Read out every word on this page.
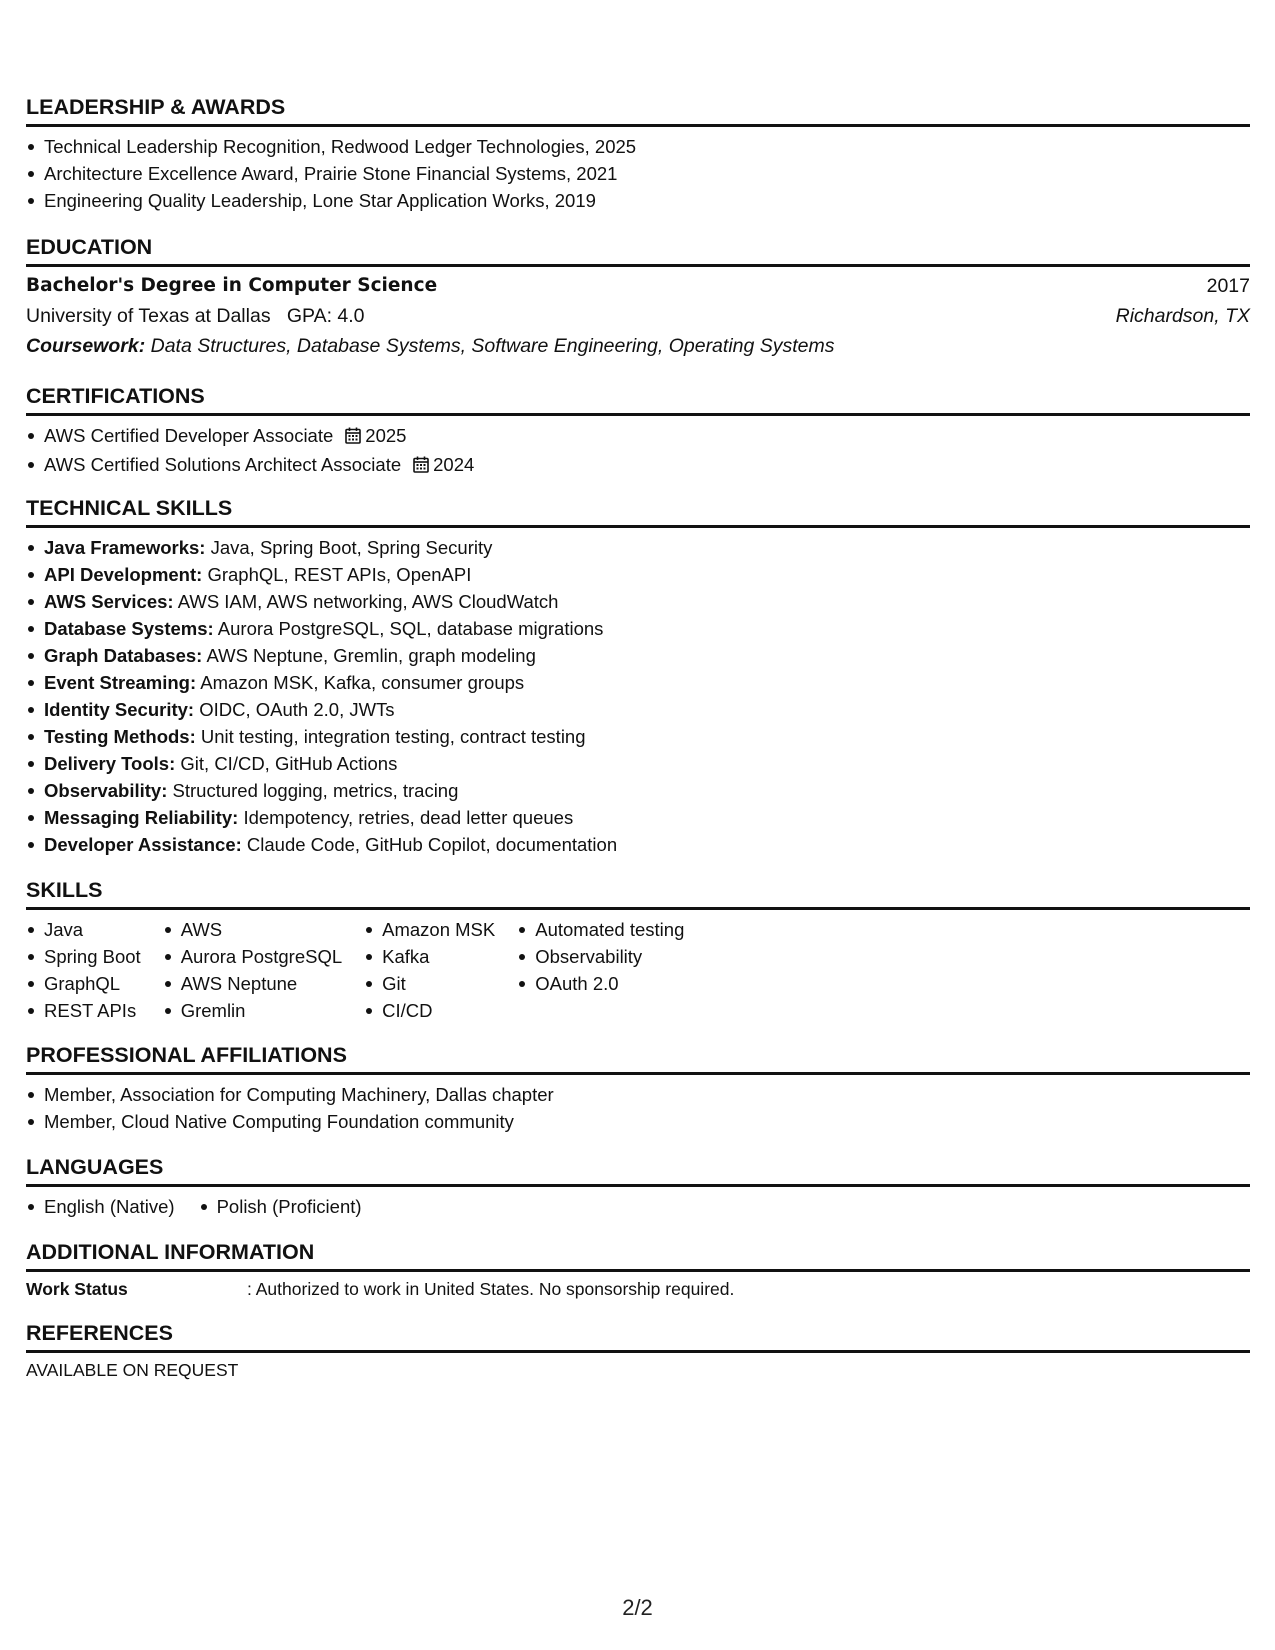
LEADERSHIP & AWARDS
Technical Leadership Recognition, Redwood Ledger Technologies, 2025
Architecture Excellence Award, Prairie Stone Financial Systems, 2021
Engineering Quality Leadership, Lone Star Application Works, 2019
EDUCATION
Bachelor's Degree in Computer Science	2017
University of Texas at Dallas GPA: 4.0	Richardson, TX
Coursework: Data Structures, Database Systems, Software Engineering, Operating Systems
CERTIFICATIONS
AWS Certified Developer Associate 2025
AWS Certified Solutions Architect Associate 2024
TECHNICAL SKILLS
Java Frameworks: Java, Spring Boot, Spring Security
API Development: GraphQL, REST APIs, OpenAPI
AWS Services: AWS IAM, AWS networking, AWS CloudWatch
Database Systems: Aurora PostgreSQL, SQL, database migrations
Graph Databases: AWS Neptune, Gremlin, graph modeling
Event Streaming: Amazon MSK, Kafka, consumer groups
Identity Security: OIDC, OAuth 2.0, JWTs
Testing Methods: Unit testing, integration testing, contract testing
Delivery Tools: Git, CI/CD, GitHub Actions
Observability: Structured logging, metrics, tracing
Messaging Reliability: Idempotency, retries, dead letter queues
Developer Assistance: Claude Code, GitHub Copilot, documentation
SKILLS
Java
Spring Boot
GraphQL
REST APIs
AWS
Aurora PostgreSQL
AWS Neptune
Gremlin
Amazon MSK
Kafka
Git
CI/CD
Automated testing
Observability
OAuth 2.0
PROFESSIONAL AFFILIATIONS
Member, Association for Computing Machinery, Dallas chapter
Member, Cloud Native Computing Foundation community
LANGUAGES
English (Native)	Polish (Proficient)
ADDITIONAL INFORMATION
Work Status	: Authorized to work in United States. No sponsorship required.
REFERENCES
AVAILABLE ON REQUEST
2/2
